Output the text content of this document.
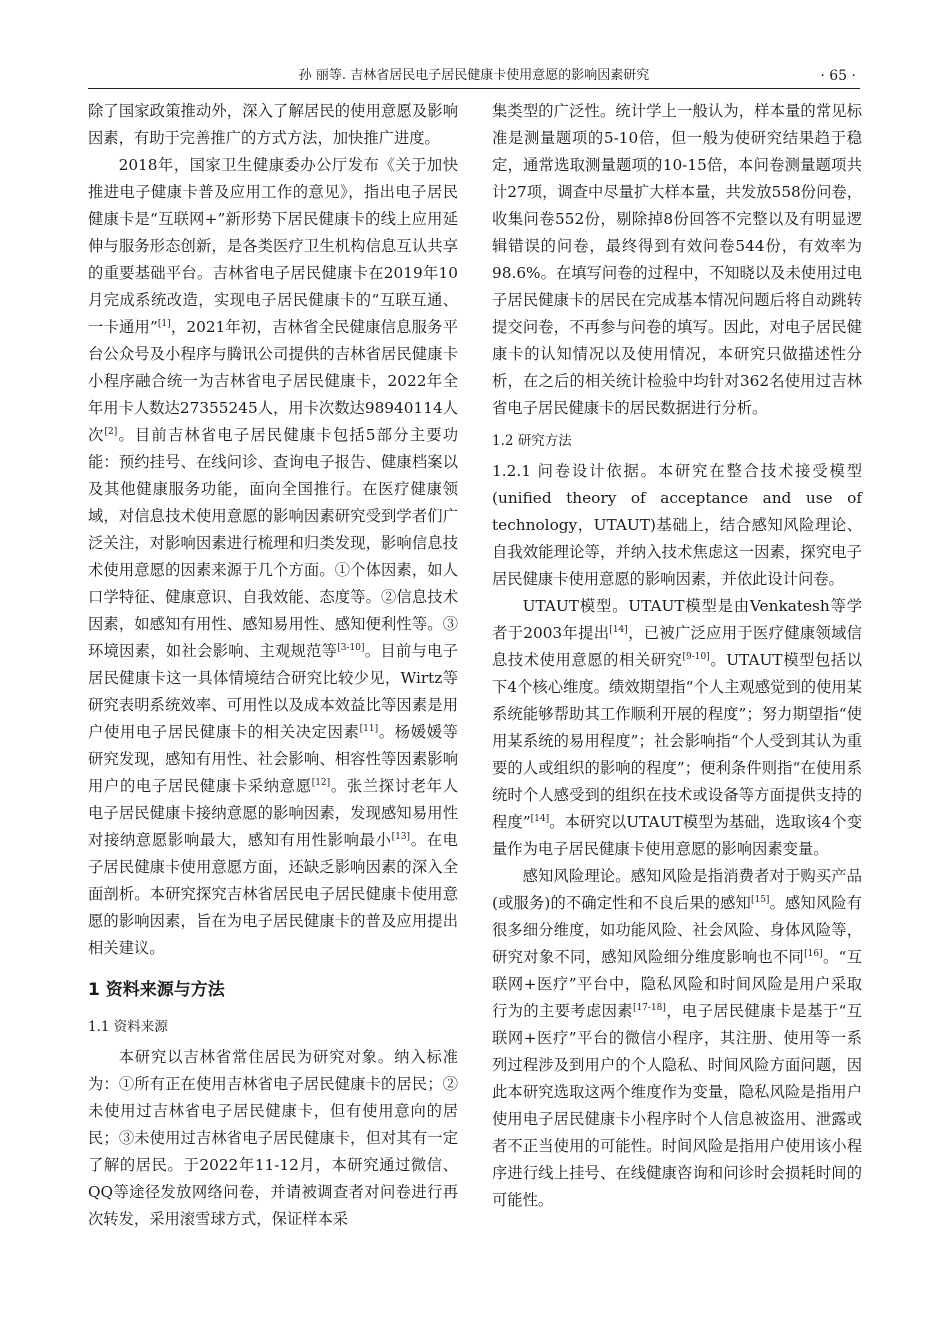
孙 丽等. 吉林省居民电子居民健康卡使用意愿的影响因素研究	· 65 ·

除了国家政策推动外，深入了解居民的使用意愿及影响因素，有助于完善推广的方式方法，加快推广进度。

2018年，国家卫生健康委办公厅发布《关于加快推进电子健康卡普及应用工作的意见》，指出电子居民健康卡是“互联网+”新形势下居民健康卡的线上应用延伸与服务形态创新，是各类医疗卫生机构信息互认共享的重要基础平台。吉林省电子居民健康卡在2019年10月完成系统改造，实现电子居民健康卡的“互联互通、一卡通用”[1]，2021年初，吉林省全民健康信息服务平台公众号及小程序与腾讯公司提供的吉林省居民健康卡小程序融合统一为吉林省电子居民健康卡，2022年全年用卡人数达27355245人，用卡次数达98940114人次[2]。目前吉林省电子居民健康卡包括5部分主要功能：预约挂号、在线问诊、查询电子报告、健康档案以及其他健康服务功能，面向全国推行。在医疗健康领域，对信息技术使用意愿的影响因素研究受到学者们广泛关注，对影响因素进行梳理和归类发现，影响信息技术使用意愿的因素来源于几个方面。①个体因素，如人口学特征、健康意识、自我效能、态度等。②信息技术因素，如感知有用性、感知易用性、感知便利性等。③环境因素，如社会影响、主观规范等[3-10]。目前与电子居民健康卡这一具体情境结合研究比较少见，Wirtz等研究表明系统效率、可用性以及成本效益比等因素是用户使用电子居民健康卡的相关决定因素[11]。杨媛媛等研究发现，感知有用性、社会影响、相容性等因素影响用户的电子居民健康卡采纳意愿[12]。张兰探讨老年人电子居民健康卡接纳意愿的影响因素，发现感知易用性对接纳意愿影响最大，感知有用性影响最小[13]。在电子居民健康卡使用意愿方面，还缺乏影响因素的深入全面剖析。本研究探究吉林省居民电子居民健康卡使用意愿的影响因素，旨在为电子居民健康卡的普及应用提出相关建议。

1 资料来源与方法
1.1 资料来源

本研究以吉林省常住居民为研究对象。纳入标准为：①所有正在使用吉林省电子居民健康卡的居民；②未使用过吉林省电子居民健康卡，但有使用意向的居民；③未使用过吉林省电子居民健康卡，但对其有一定了解的居民。于2022年11-12月，本研究通过微信、QQ等途径发放网络问卷，并请被调查者对问卷进行再次转发，采用滚雪球方式，保证样本采

集类型的广泛性。统计学上一般认为，样本量的常见标准是测量题项的5-10倍，但一般为使研究结果趋于稳定，通常选取测量题项的10-15倍，本问卷测量题项共计27项，调查中尽量扩大样本量，共发放558份问卷，收集问卷552份，剔除掉8份回答不完整以及有明显逻辑错误的问卷，最终得到有效问卷544份，有效率为98.6%。在填写问卷的过程中，不知晓以及未使用过电子居民健康卡的居民在完成基本情况问题后将自动跳转提交问卷，不再参与问卷的填写。因此，对电子居民健康卡的认知情况以及使用情况，本研究只做描述性分析，在之后的相关统计检验中均针对362名使用过吉林省电子居民健康卡的居民数据进行分析。

1.2 研究方法

1.2.1 问卷设计依据。本研究在整合技术接受模型(unified theory of acceptance and use of technology，UTAUT)基础上，结合感知风险理论、自我效能理论等，并纳入技术焦虑这一因素，探究电子居民健康卡使用意愿的影响因素，并依此设计问卷。

UTAUT模型。UTAUT模型是由Venkatesh等学者于2003年提出[14]，已被广泛应用于医疗健康领域信息技术使用意愿的相关研究[9-10]。UTAUT模型包括以下4个核心维度。绩效期望指“个人主观感觉到的使用某系统能够帮助其工作顺利开展的程度”；努力期望指“使用某系统的易用程度”；社会影响指“个人受到其认为重要的人或组织的影响的程度”；便利条件则指“在使用系统时个人感受到的组织在技术或设备等方面提供支持的程度”[14]。本研究以UTAUT模型为基础，选取该4个变量作为电子居民健康卡使用意愿的影响因素变量。

感知风险理论。感知风险是指消费者对于购买产品(或服务)的不确定性和不良后果的感知[15]。感知风险有很多细分维度，如功能风险、社会风险、身体风险等，研究对象不同，感知风险细分维度影响也不同[16]。“互联网+医疗”平台中，隐私风险和时间风险是用户采取行为的主要考虑因素[17-18]，电子居民健康卡是基于“互联网+医疗”平台的微信小程序，其注册、使用等一系列过程涉及到用户的个人隐私、时间风险方面问题，因此本研究选取这两个维度作为变量，隐私风险是指用户使用电子居民健康卡小程序时个人信息被盗用、泄露或者不正当使用的可能性。时间风险是指用户使用该小程序进行线上挂号、在线健康咨询和问诊时会损耗时间的可能性。
